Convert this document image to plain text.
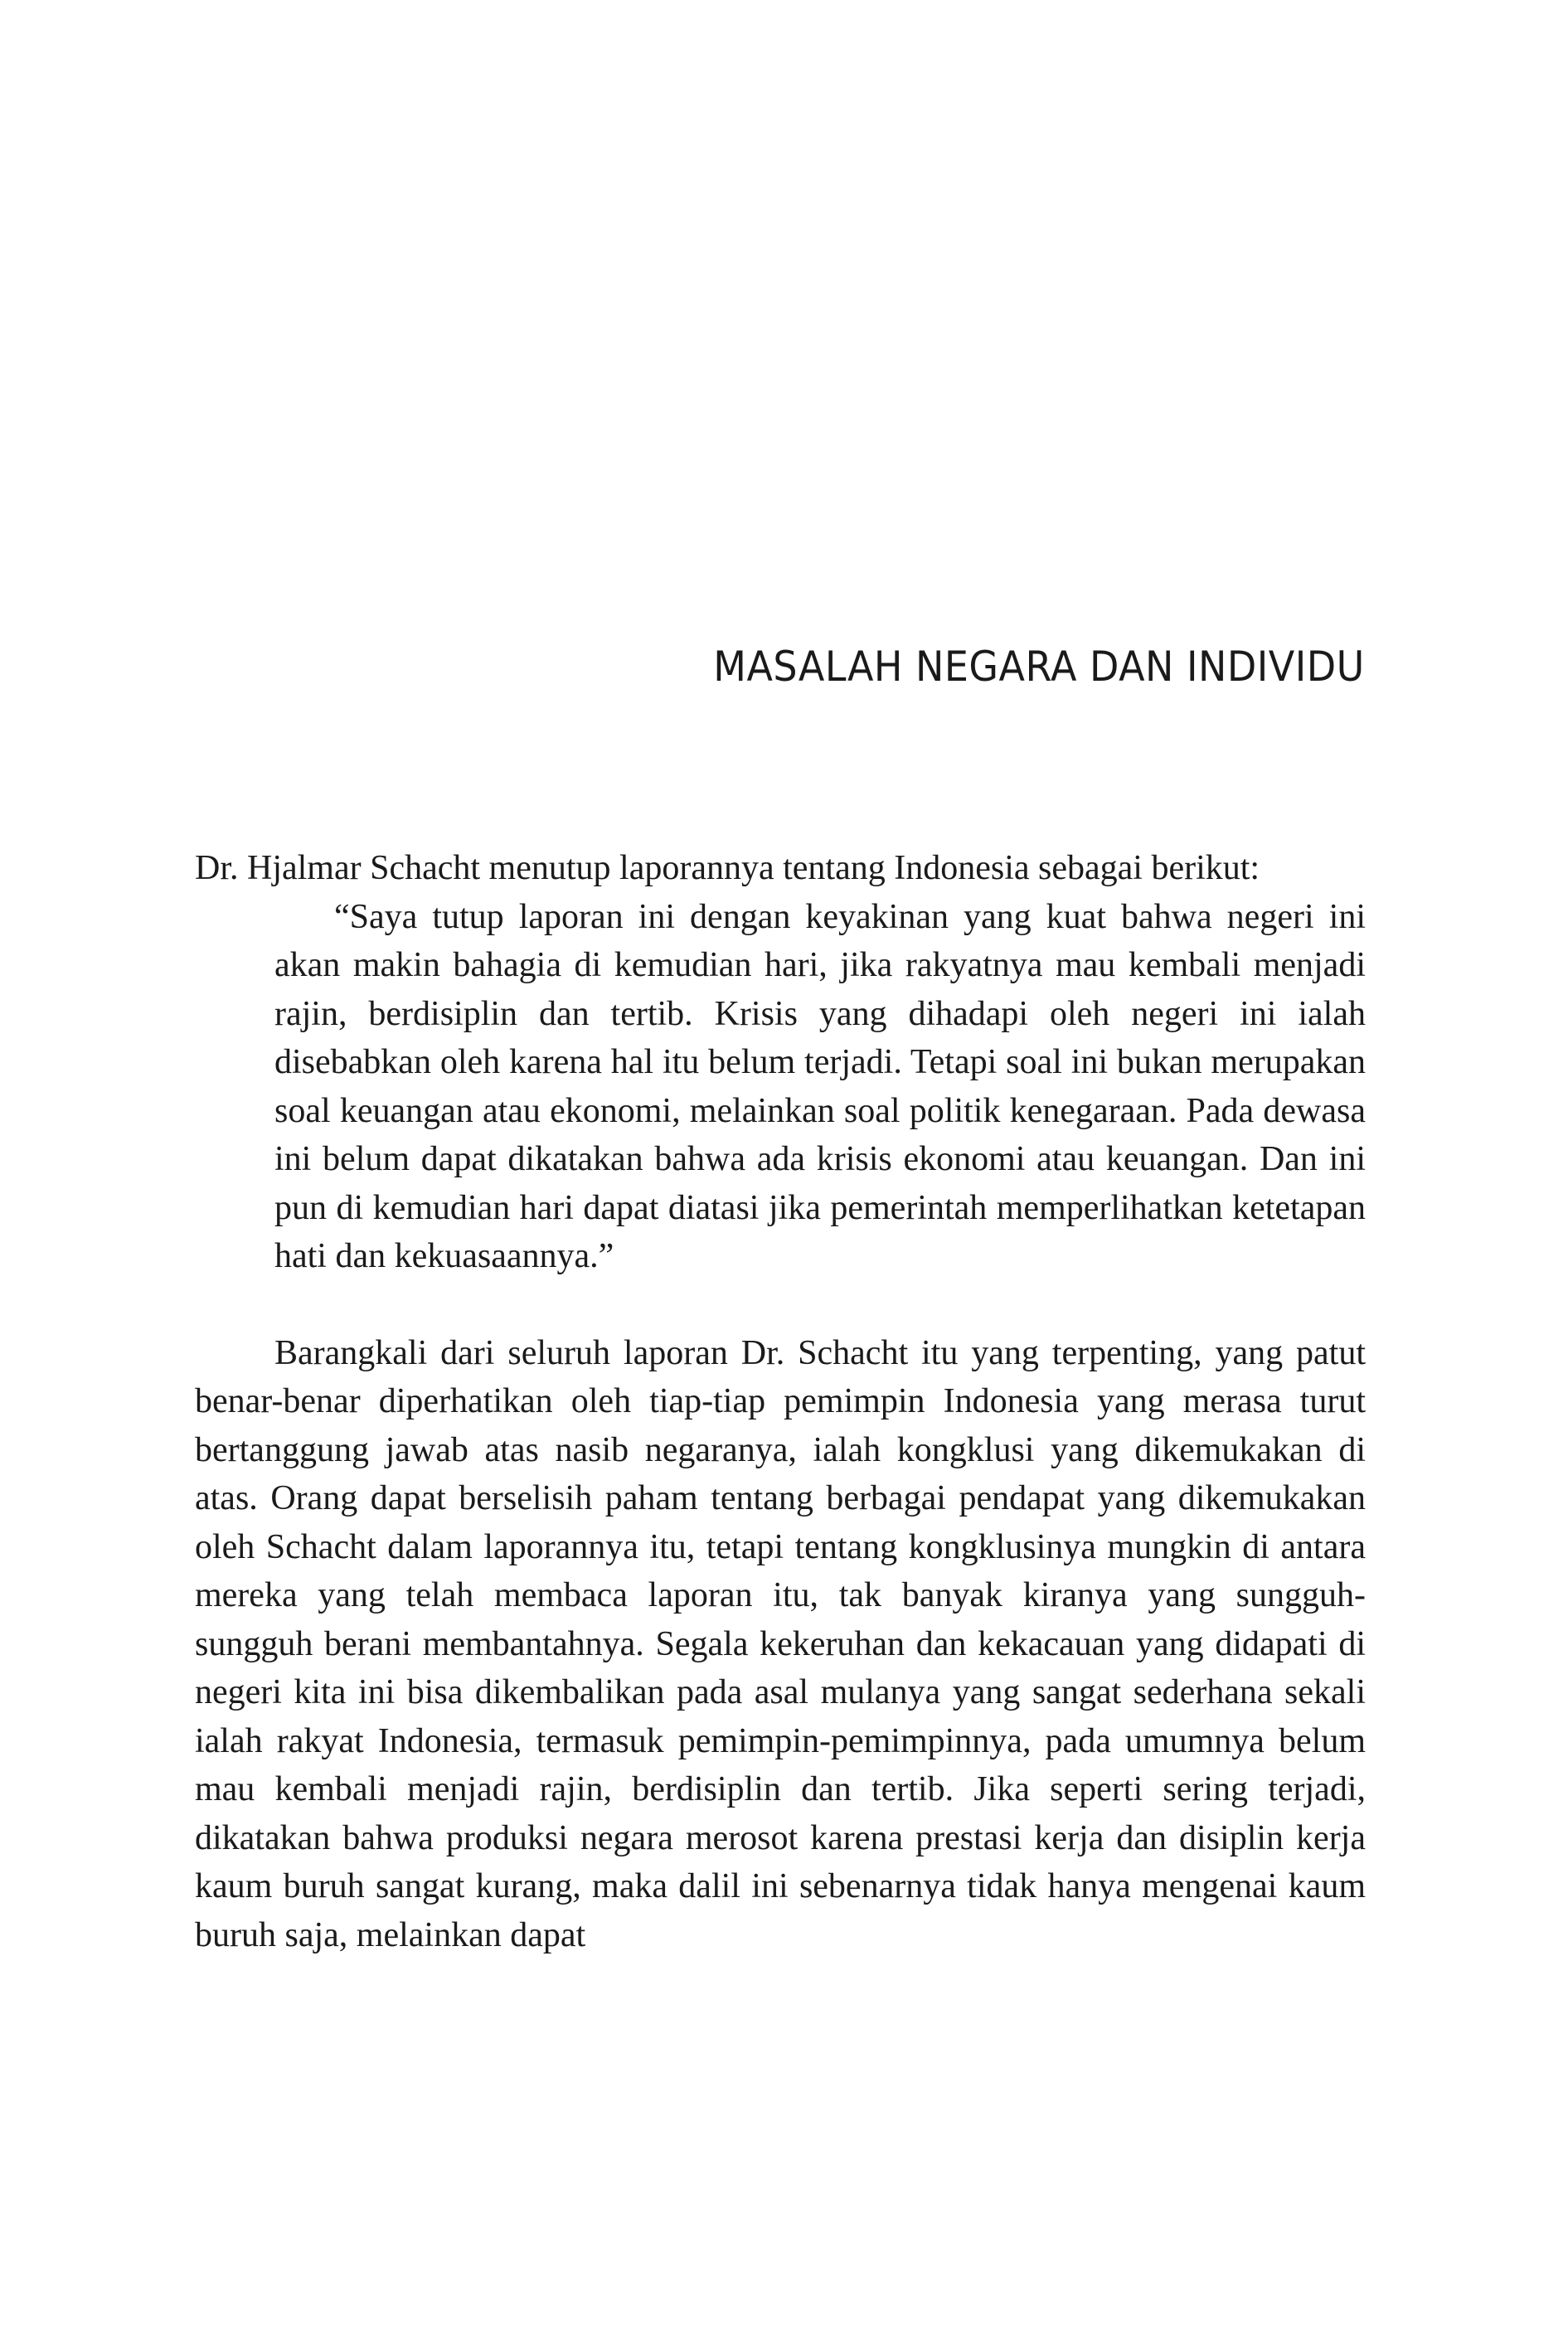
MASALAH NEGARA DAN INDIVIDU

Dr. Hjalmar Schacht menutup laporannya tentang Indonesia sebagai berikut:

“Saya tutup laporan ini dengan keyakinan yang kuat bahwa negeri ini akan makin bahagia di kemudian hari, jika rakyatnya mau kembali menjadi rajin, berdisiplin dan tertib. Krisis yang dihadapi oleh negeri ini ialah disebabkan oleh karena hal itu belum terjadi. Tetapi soal ini bukan merupakan soal keuangan atau ekonomi, melainkan soal politik kenegaraan. Pada dewasa ini belum dapat dikatakan bahwa ada krisis ekonomi atau keuangan. Dan ini pun di kemudian hari dapat diatasi jika pemerintah memperlihatkan ketetapan hati dan kekuasaannya.”

Barangkali dari seluruh laporan Dr. Schacht itu yang terpenting, yang patut benar-benar diperhatikan oleh tiap-tiap pemimpin Indonesia yang merasa turut bertanggung jawab atas nasib negaranya, ialah kongklusi yang dikemukakan di atas. Orang dapat berselisih paham tentang berbagai pendapat yang dikemukakan oleh Schacht dalam laporannya itu, tetapi tentang kongklusinya mungkin di antara mereka yang telah membaca laporan itu, tak banyak kiranya yang sungguh-sungguh berani membantahnya. Segala kekeruhan dan kekacauan yang didapati di negeri kita ini bisa dikembalikan pada asal mulanya yang sangat sederhana sekali ialah rakyat Indonesia, termasuk pemimpin-pemimpinnya, pada umumnya belum mau kembali menjadi rajin, berdisiplin dan tertib. Jika seperti sering terjadi, dikatakan bahwa produksi negara merosot karena prestasi kerja dan disiplin kerja kaum buruh sangat kurang, maka dalil ini sebenarnya tidak hanya mengenai kaum buruh saja, melainkan dapat
